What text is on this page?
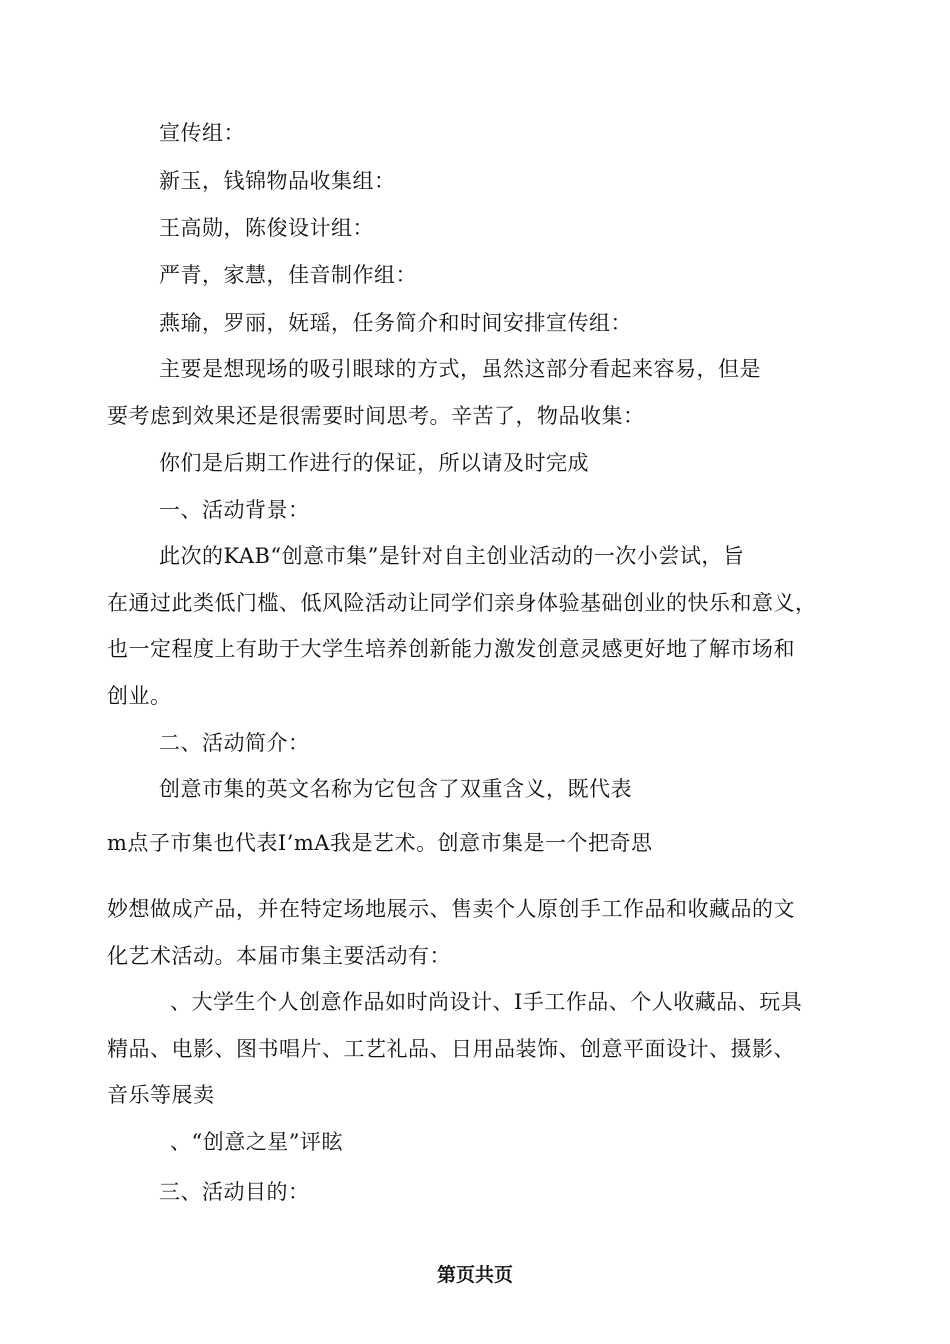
宣传组：
新玉，钱锦物品收集组：
王高勋，陈俊设计组：
严青，家慧，佳音制作组：
燕瑜，罗丽，妩瑶，任务简介和时间安排宣传组：
主要是想现场的吸引眼球的方式，虽然这部分看起来容易，但是
要考虑到效果还是很需要时间思考。辛苦了，物品收集：
你们是后期工作进行的保证，所以请及时完成
一、活动背景：
此次的KAB“创意市集”是针对自主创业活动的一次小尝试，旨
在通过此类低门槛、低风险活动让同学们亲身体验基础创业的快乐和意义，
也一定程度上有助于大学生培养创新能力激发创意灵感更好地了解市场和
创业。
二、活动简介：
创意市集的英文名称为它包含了双重含义，既代表
m点子市集也代表I’mA我是艺术。创意市集是一个把奇思
妙想做成产品，并在特定场地展示、售卖个人原创手工作品和收藏品的文
化艺术活动。本届市集主要活动有：
、大学生个人创意作品如时尚设计、I手工作品、个人收藏品、玩具
精品、电影、图书唱片、工艺礼品、日用品装饰、创意平面设计、摄影、
音乐等展卖
、“创意之星”评眩
三、活动目的：
第页共页
